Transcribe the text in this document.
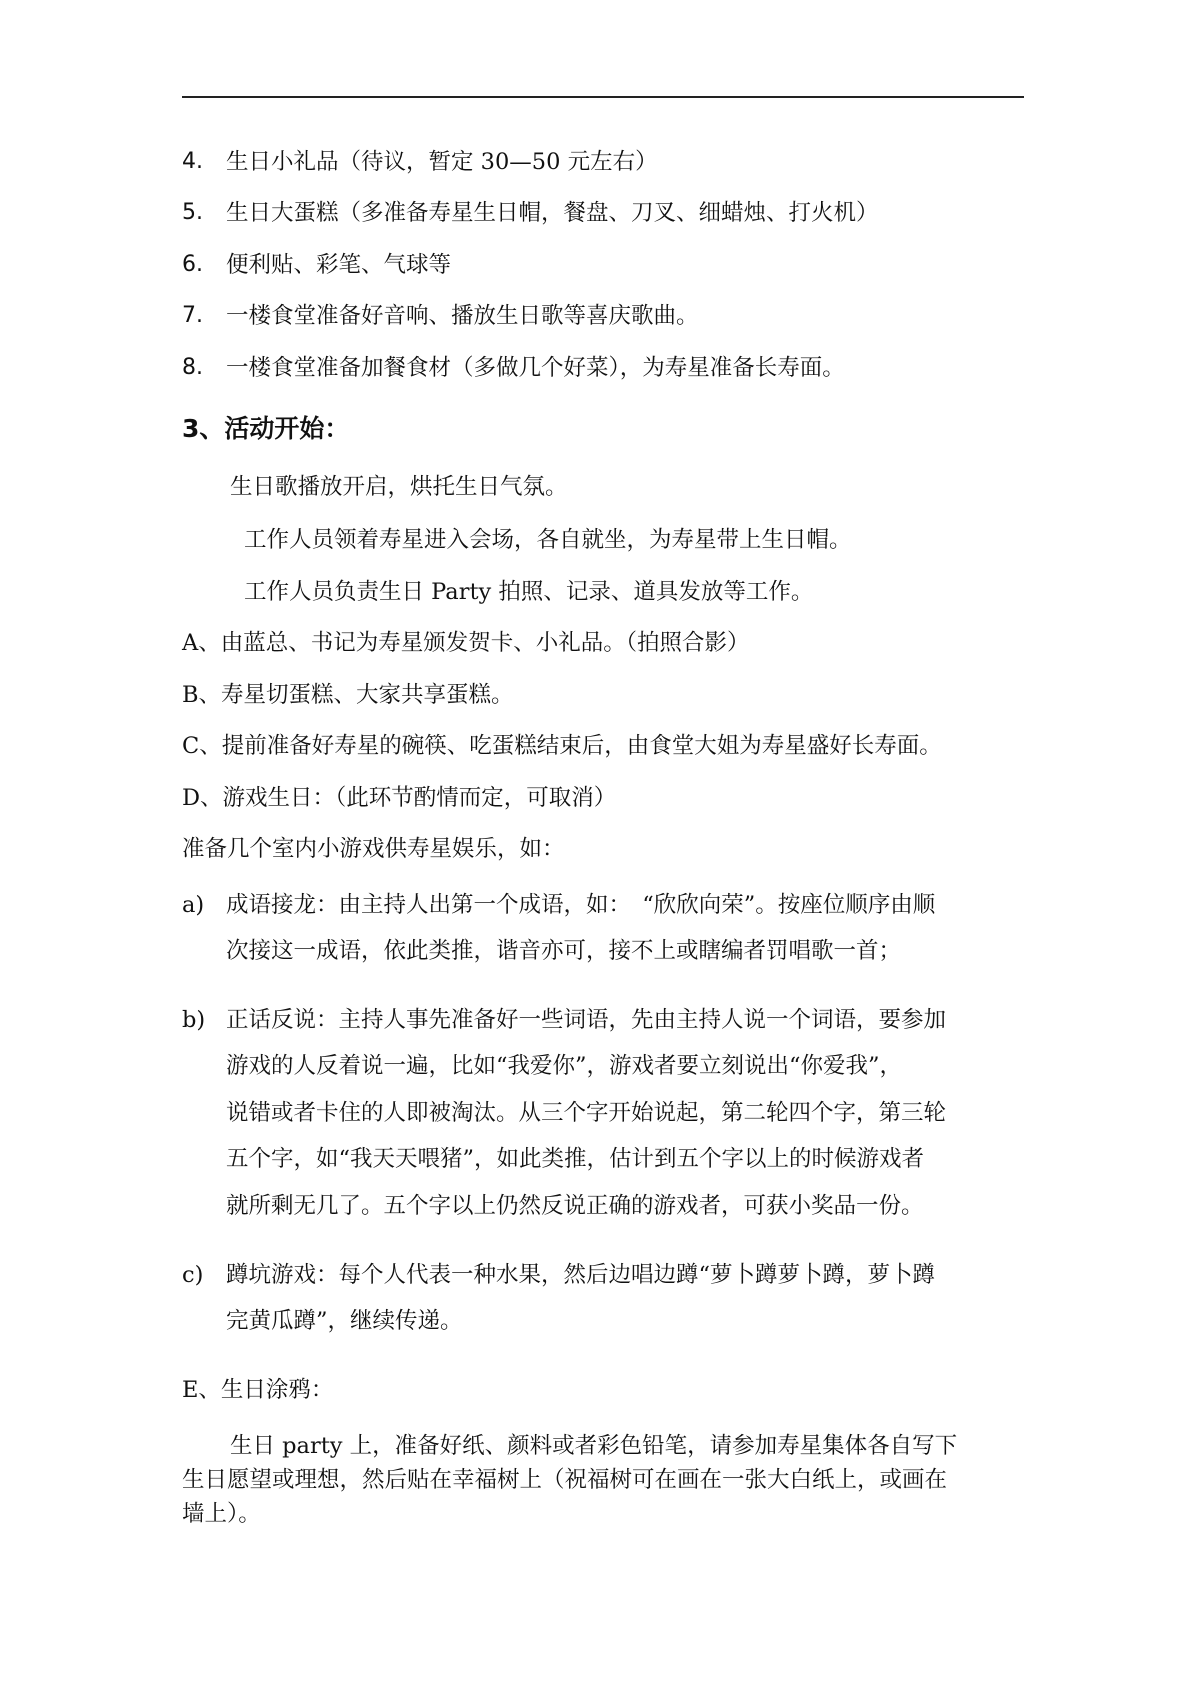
4. 生日小礼品（待议，暂定 30—50 元左右）
5. 生日大蛋糕（多准备寿星生日帽，餐盘、刀叉、细蜡烛、打火机）
6. 便利贴、彩笔、气球等
7. 一楼食堂准备好音响、播放生日歌等喜庆歌曲。
8. 一楼食堂准备加餐食材（多做几个好菜），为寿星准备长寿面。
3、活动开始：
生日歌播放开启，烘托生日气氛。
工作人员领着寿星进入会场，各自就坐，为寿星带上生日帽。
工作人员负责生日 Party 拍照、记录、道具发放等工作。
A、由蓝总、书记为寿星颁发贺卡、小礼品。（拍照合影）
B、寿星切蛋糕、大家共享蛋糕。
C、提前准备好寿星的碗筷、吃蛋糕结束后，由食堂大姐为寿星盛好长寿面。
D、游戏生日：（此环节酌情而定，可取消）
准备几个室内小游戏供寿星娱乐，如：
a) 成语接龙：由主持人出第一个成语，如：　“欣欣向荣”。按座位顺序由顺
次接这一成语，依此类推，谐音亦可，接不上或瞎编者罚唱歌一首；
b) 正话反说：主持人事先准备好一些词语，先由主持人说一个词语，要参加
游戏的人反着说一遍，比如“我爱你”，游戏者要立刻说出“你爱我”，
说错或者卡住的人即被淘汰。从三个字开始说起，第二轮四个字，第三轮
五个字，如“我天天喂猪”，如此类推，估计到五个字以上的时候游戏者
就所剩无几了。五个字以上仍然反说正确的游戏者，可获小奖品一份。
c) 蹲坑游戏：每个人代表一种水果，然后边唱边蹲“萝卜蹲萝卜蹲，萝卜蹲
完黄瓜蹲”，继续传递。
E、生日涂鸦：
生日 party 上，准备好纸、颜料或者彩色铅笔，请参加寿星集体各自写下
生日愿望或理想，然后贴在幸福树上（祝福树可在画在一张大白纸上，或画在
墙上）。
